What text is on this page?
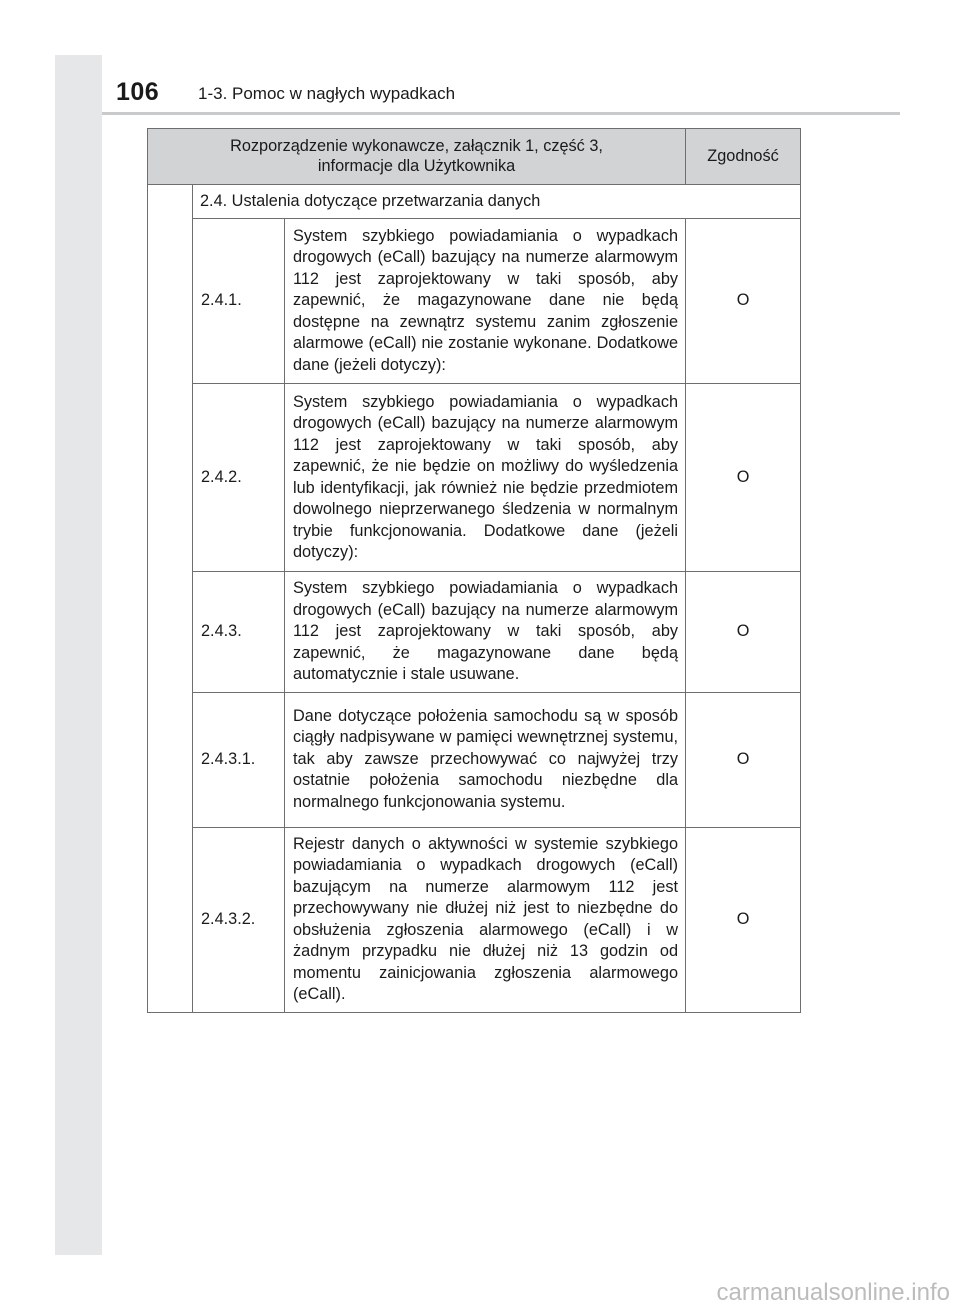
106 1-3. Pomoc w nagłych wypadkach
Rozporządzenie wykonawcze, załącznik 1, część 3, informacje dla Użytkownika			Zgodność
	2.4. Ustalenia dotyczące przetwarzania danych		
	2.4.1.	System szybkiego powiadamiania o wypadkach drogowych (eCall) bazujący na numerze alarmowym 112 jest zaprojektowany w taki sposób, aby zapewnić, że magazynowane dane nie będą dostępne na zewnątrz systemu zanim zgłoszenie alarmowe (eCall) nie zostanie wykonane. Dodatkowe dane (jeżeli dotyczy):	O
	2.4.2.	System szybkiego powiadamiania o wypadkach drogowych (eCall) bazujący na numerze alarmowym 112 jest zaprojektowany w taki sposób, aby zapewnić, że nie będzie on możliwy do wyśledzenia lub identyfikacji, jak również nie będzie przedmiotem dowolnego nieprzerwanego śledzenia w normalnym trybie funkcjonowania. Dodatkowe dane (jeżeli dotyczy):	O
	2.4.3.	System szybkiego powiadamiania o wypadkach drogowych (eCall) bazujący na numerze alarmowym 112 jest zaprojektowany w taki sposób, aby zapewnić, że magazynowane dane będą automatycznie i stale usuwane.	O
	2.4.3.1.	Dane dotyczące położenia samochodu są w sposób ciągły nadpisywane w pamięci wewnętrznej systemu, tak aby zawsze przechowywać co najwyżej trzy ostatnie położenia samochodu niezbędne dla normalnego funkcjonowania systemu.	O
	2.4.3.2.	Rejestr danych o aktywności w systemie szybkiego powiadamiania o wypadkach drogowych (eCall) bazującym na numerze alarmowym 112 jest przechowywany nie dłużej niż jest to niezbędne do obsłużenia zgłoszenia alarmowego (eCall) i w żadnym przypadku nie dłużej niż 13 godzin od momentu zainicjowania zgłoszenia alarmowego (eCall).	O
carmanualsonline.info
